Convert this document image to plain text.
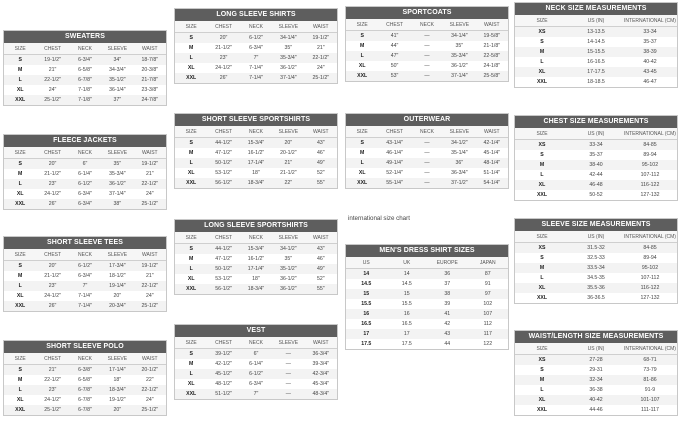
SWEATERS
SIZE	CHEST	NECK	SLEEVE	WAIST
S	19-1/2"	6-3/4"	34"	18-7/8"
M	21"	6-5/8"	34-3/4"	20-3/8"
L	22-1/2"	6-7/8"	35-1/2"	21-7/8"
XL	24"	7-1/8"	36-1/4"	23-3/8"
XXL	25-1/2"	7-1/8"	37"	24-7/8"
FLEECE JACKETS
SIZE	CHEST	NECK	SLEEVE	WAIST
S	20"	6"	35"	19-1/2"
M	21-1/2"	6-1/4"	35-3/4"	21"
L	23"	6-1/2"	36-1/2"	22-1/2"
XL	24-1/2"	6-3/4"	37-1/4"	24"
XXL	26"	6-3/4"	38"	25-1/2"
SHORT SLEEVE TEES
SIZE	CHEST	NECK	SLEEVE	WAIST
S	20"	6-1/2"	17-3/4"	19-1/2"
M	21-1/2"	6-3/4"	18-1/2"	21"
L	23"	7"	19-1/4"	22-1/2"
XL	24-1/2"	7-1/4"	20"	24"
XXL	26"	7-1/4"	20-3/4"	25-1/2"
SHORT SLEEVE POLO
SIZE	CHEST	NECK	SLEEVE	WAIST
S	21"	6-3/8"	17-1/4"	20-1/2"
M	22-1/2"	6-5/8"	18"	22"
L	23"	6-7/8"	18-3/4"	22-1/2"
XL	24-1/2"	6-7/8"	19-1/2"	24"
XXL	25-1/2"	6-7/8"	20"	25-1/2"
LONG SLEEVE SHIRTS
SIZE	CHEST	NECK	SLEEVE	WAIST
S	20"	6-1/2"	34-1/4"	19-1/2"
M	21-1/2"	6-3/4"	35"	21"
L	23"	7"	35-3/4"	22-1/2"
XL	24-1/2"	7-1/4"	36-1/2"	24"
XXL	26"	7-1/4"	37-1/4"	25-1/2"
SHORT SLEEVE SPORTSHIRTS
SIZE	CHEST	NECK	SLEEVE	WAIST
S	44-1/2"	15-3/4"	20"	43"
M	47-1/2"	16-1/2"	20-1/2"	46"
L	50-1/2"	17-1/4"	21"	49"
XL	53-1/2"	18"	21-1/2"	52"
XXL	56-1/2"	18-3/4"	22"	55"
LONG SLEEVE SPORTSHIRTS
SIZE	CHEST	NECK	SLEEVE	WAIST
S	44-1/2"	15-3/4"	34-1/2"	43"
M	47-1/2"	16-1/2"	35"	46"
L	50-1/2"	17-1/4"	35-1/2"	49"
XL	53-1/2"	18"	36-1/2"	52"
XXL	56-1/2"	18-3/4"	36-1/2"	55"
VEST
SIZE	CHEST	NECK	SLEEVE	WAIST
S	39-1/2"	6"	—	36-3/4"
M	42-1/2"	6-1/4"	—	39-3/4"
L	45-1/2"	6-1/2"	—	42-3/4"
XL	48-1/2"	6-3/4"	—	45-3/4"
XXL	51-1/2"	7"	—	48-3/4"
SPORTCOATS
SIZE	CHEST	NECK	SLEEVE	WAIST
S	41"	—	34-1/4"	19-5/8"
M	44"	—	35"	21-1/8"
L	47"	—	35-3/4"	22-5/8"
XL	50"	—	36-1/2"	24-1/8"
XXL	53"	—	37-1/4"	25-5/8"
OUTERWEAR
SIZE	CHEST	NECK	SLEEVE	WAIST
S	43-1/4"	—	34-1/2"	42-1/4"
M	46-1/4"	—	35-1/4"	45-1/4"
L	49-1/4"	—	36"	48-1/4"
XL	52-1/4"	—	36-3/4"	51-1/4"
XXL	55-1/4"	—	37-1/2"	54-1/4"
international size chart
MEN'S DRESS SHIRT SIZES
US	UK	EUROPE	JAPAN
14	14	36	87
14.5	14.5	37	91
15	15	38	97
15.5	15.5	39	102
16	16	41	107
16.5	16.5	42	112
17	17	43	117
17.5	17.5	44	122
NECK SIZE MEASUREMENTS
SIZE	US (IN)	INTERNATIONAL (CM)
XS	13-13.5	33-34
S	14-14.5	35-37
M	15-15.5	38-39
L	16-16.5	40-42
XL	17-17.5	43-45
XXL	18-18.5	46-47
CHEST SIZE MEASUREMENTS
SIZE	US (IN)	INTERNATIONAL (CM)
XS	33-34	84-85
S	35-37	89-94
M	38-40	95-102
L	42-44	107-112
XL	46-48	116-122
XXL	50-52	127-132
SLEEVE SIZE MEASUREMENTS
SIZE	US (IN)	INTERNATIONAL (CM)
XS	31.5-32	84-85
S	32.5-33	89-94
M	33.5-34	95-102
L	34.5-35	107-112
XL	35.5-36	116-122
XXL	36-36.5	127-132
WAIST/LENGTH SIZE MEASUREMENTS
SIZE	US (IN)	INTERNATIONAL (CM)
XS	27-28	68-71
S	29-31	73-79
M	32-34	81-86
L	36-38	91-9
XL	40-42	101-107
XXL	44-46	111-117
